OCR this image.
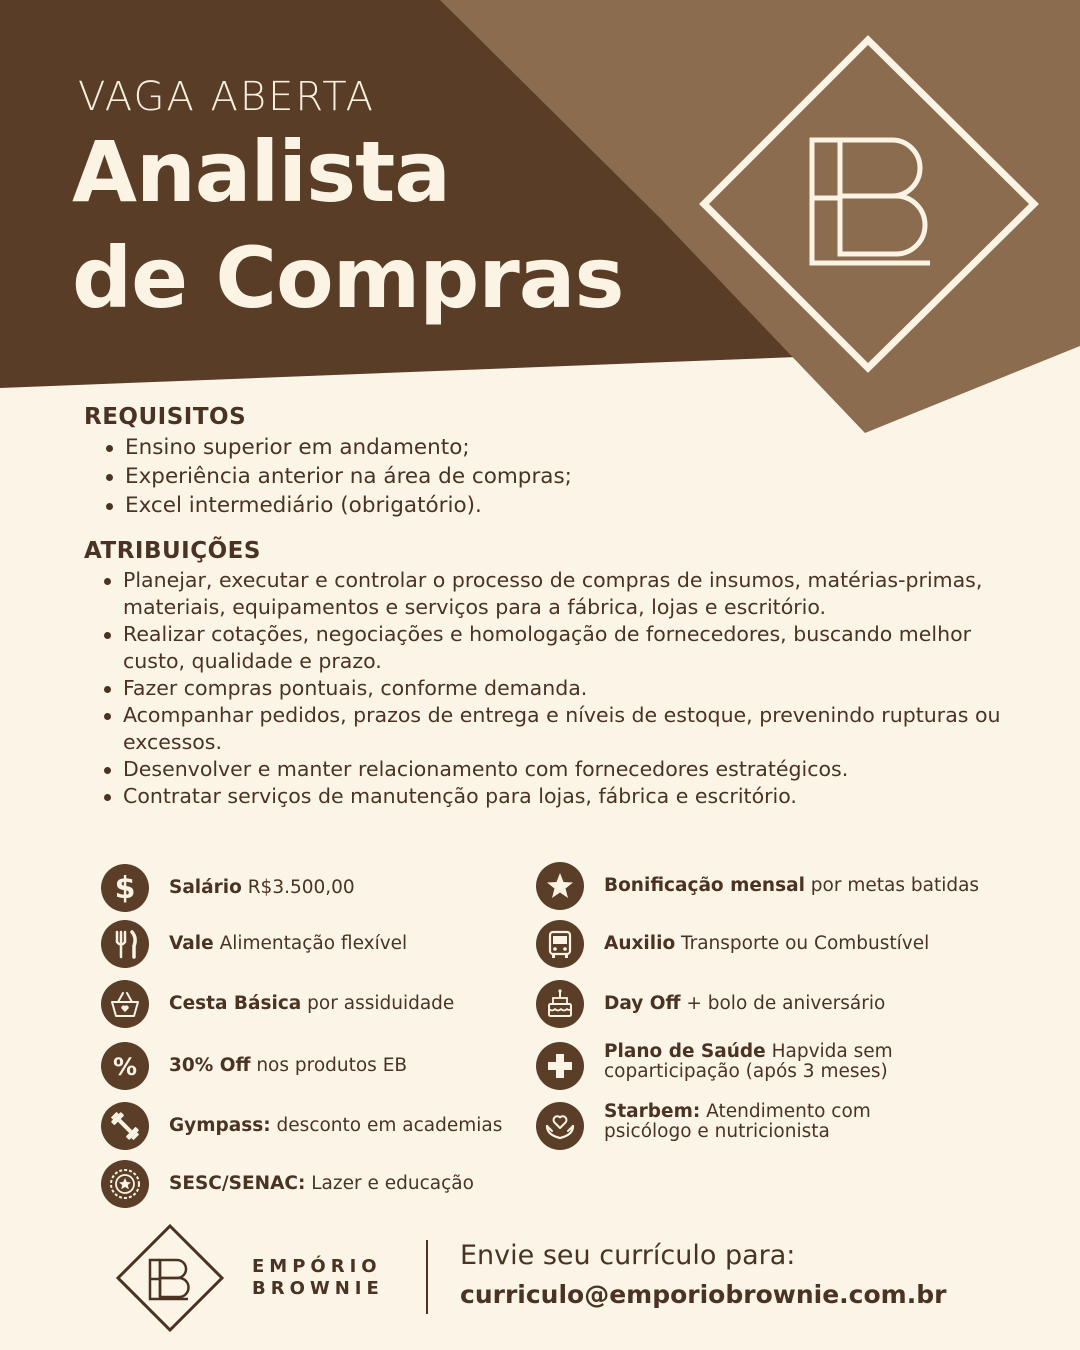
VAGA ABERTA
Analista
de Compras
REQUISITOS
Ensino superior em andamento;
Experiência anterior na área de compras;
Excel intermediário (obrigatório).
ATRIBUIÇÕES
Planejar, executar e controlar o processo de compras de insumos, matérias-primas, materiais, equipamentos e serviços para a fábrica, lojas e escritório.
Realizar cotações, negociações e homologação de fornecedores, buscando melhor custo, qualidade e prazo.
Fazer compras pontuais, conforme demanda.
Acompanhar pedidos, prazos de entrega e níveis de estoque, prevenindo rupturas ou excessos.
Desenvolver e manter relacionamento com fornecedores estratégicos.
Contratar serviços de manutenção para lojas, fábrica e escritório.
$ Salário R$3.500,00
Vale Alimentação flexível
Cesta Básica por assiduidade
% 30% Off nos produtos EB
Gympass: desconto em academias
SESC/SENAC: Lazer e educação
Bonificação mensal por metas batidas
Auxilio Transporte ou Combustível
Day Off + bolo de aniversário
Plano de Saúde Hapvida sem
coparticipação (após 3 meses)
Starbem: Atendimento com
psicólogo e nutricionista
EMPÓRIO
BROWNIE
Envie seu currículo para:
curriculo@emporiobrownie.com.br
